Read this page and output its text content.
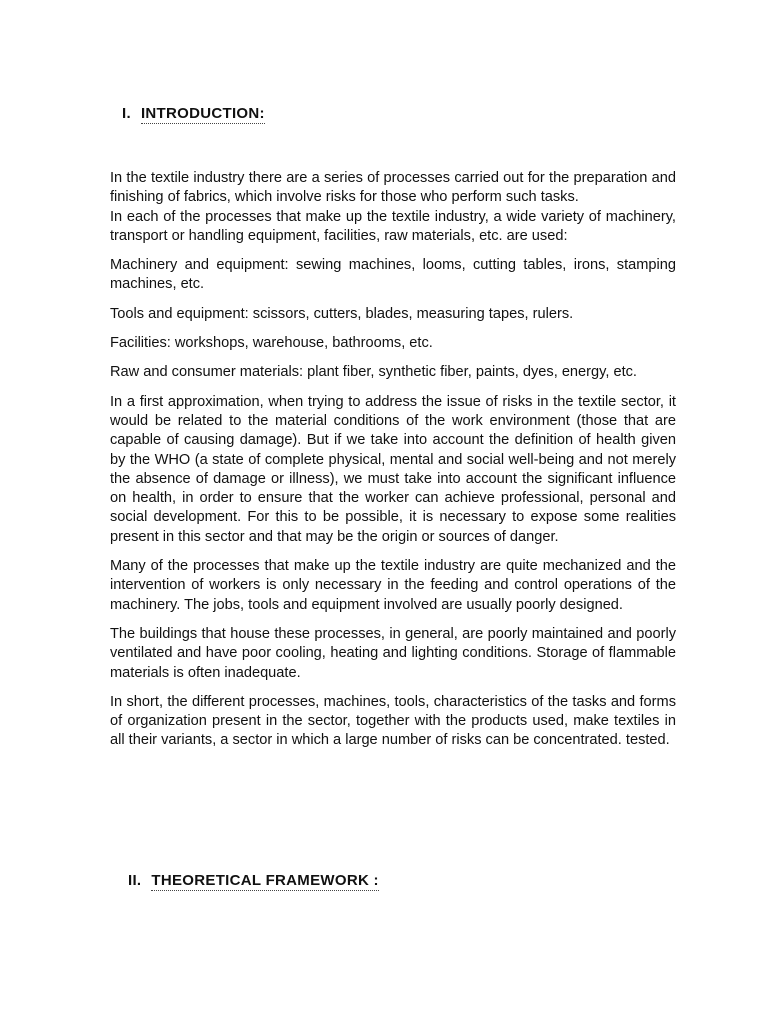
I. INTRODUCTION:

In the textile industry there are a series of processes carried out for the preparation and finishing of fabrics, which involve risks for those who perform such tasks.

In each of the processes that make up the textile industry, a wide variety of machinery, transport or handling equipment, facilities, raw materials, etc. are used:

Machinery and equipment: sewing machines, looms, cutting tables, irons, stamping machines, etc.

Tools and equipment: scissors, cutters, blades, measuring tapes, rulers.

Facilities: workshops, warehouse, bathrooms, etc.

Raw and consumer materials: plant fiber, synthetic fiber, paints, dyes, energy, etc.

In a first approximation, when trying to address the issue of risks in the textile sector, it would be related to the material conditions of the work environment (those that are capable of causing damage). But if we take into account the definition of health given by the WHO (a state of complete physical, mental and social well-being and not merely the absence of damage or illness), we must take into account the significant influence on health, in order to ensure that the worker can achieve professional, personal and social development. For this to be possible, it is necessary to expose some realities present in this sector and that may be the origin or sources of danger.

Many of the processes that make up the textile industry are quite mechanized and the intervention of workers is only necessary in the feeding and control operations of the machinery. The jobs, tools and equipment involved are usually poorly designed.

The buildings that house these processes, in general, are poorly maintained and poorly ventilated and have poor cooling, heating and lighting conditions. Storage of flammable materials is often inadequate.

In short, the different processes, machines, tools, characteristics of the tasks and forms of organization present in the sector, together with the products used, make textiles in all their variants, a sector in which a large number of risks can be concentrated. tested.

II. THEORETICAL FRAMEWORK :
